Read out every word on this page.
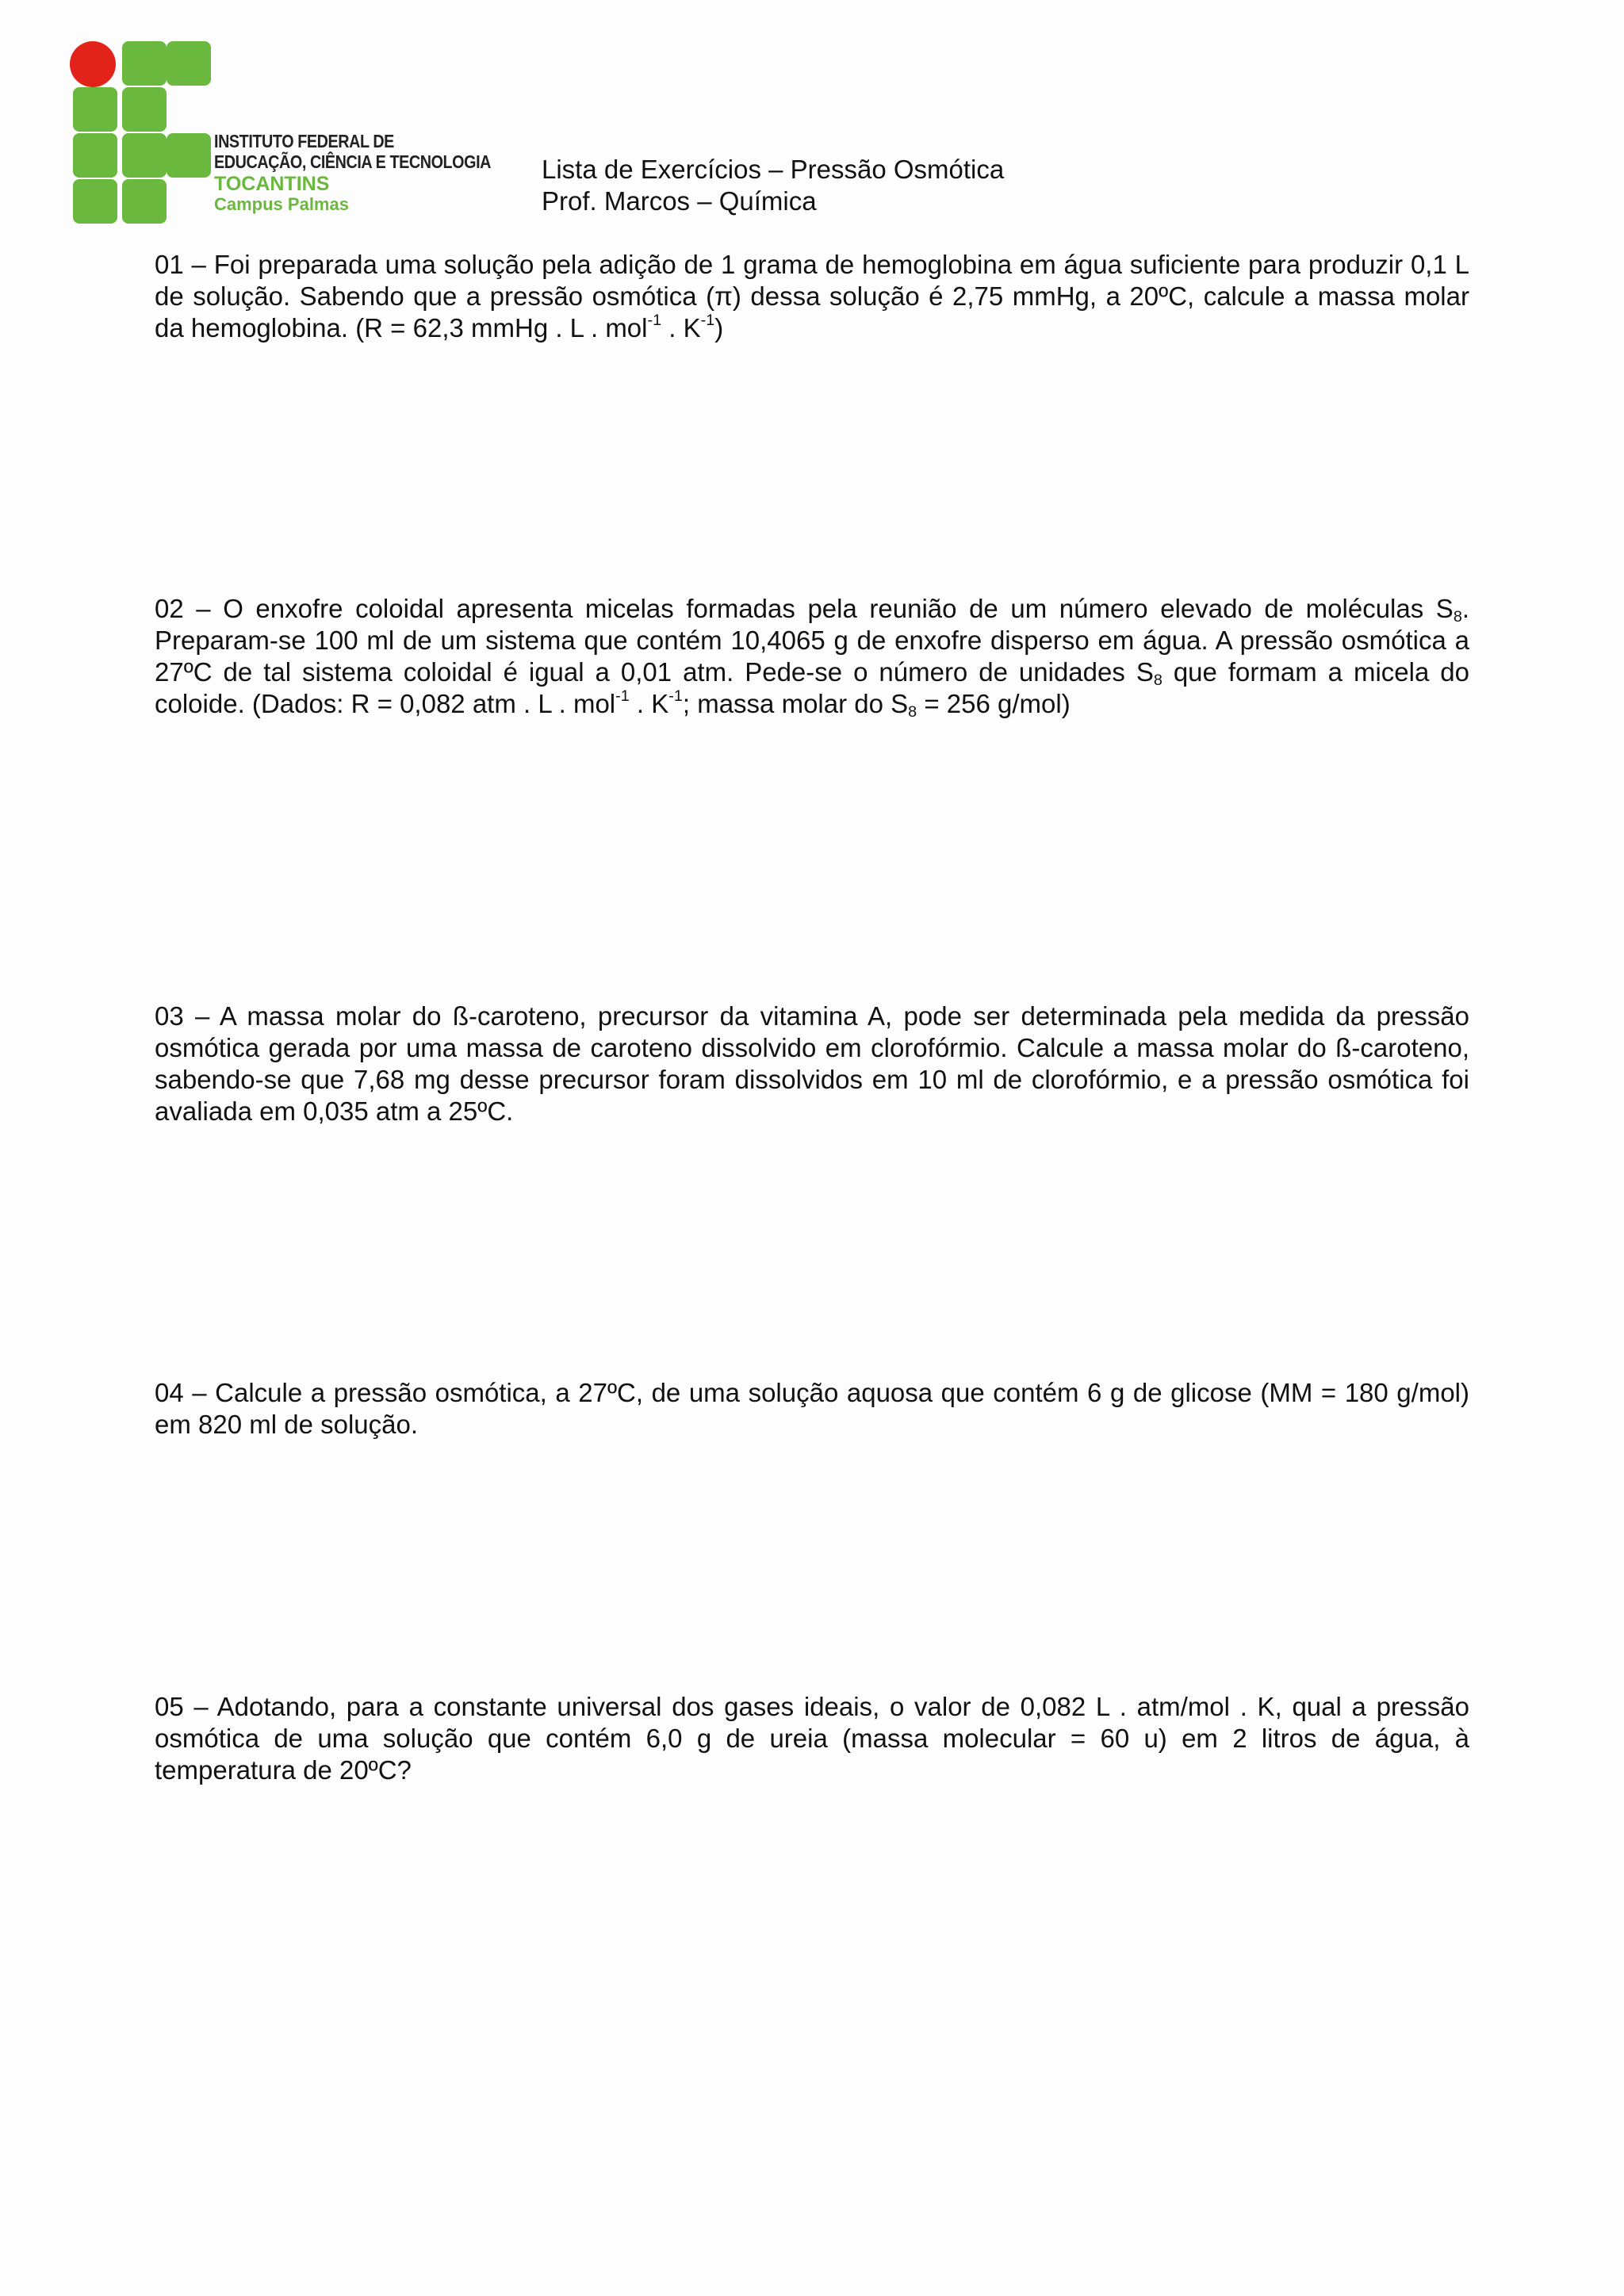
INSTITUTO FEDERAL DE
EDUCAÇÃO, CIÊNCIA E TECNOLOGIA
TOCANTINS
Campus Palmas
Lista de Exercícios – Pressão Osmótica
Prof. Marcos – Química

01 – Foi preparada uma solução pela adição de 1 grama de hemoglobina em água suficiente para produzir 0,1 L de solução. Sabendo que a pressão osmótica (π) dessa solução é 2,75 mmHg, a 20ºC, calcule a massa molar da hemoglobina. (R = 62,3 mmHg . L . mol$^{-1}$ . $K^{-1}$)

02 – O enxofre coloidal apresenta micelas formadas pela reunião de um número elevado de moléculas $S_8$. Preparam-se 100 ml de um sistema que contém 10,4065 g de enxofre disperso em água. A pressão osmótica a 27ºC de tal sistema coloidal é igual a 0,01 atm. Pede-se o número de unidades $S_8$ que formam a micela do coloide. (Dados: R = 0,082 atm . L . mol$^{-1}$ . $K^{-1}$; massa molar do $S_8 = 256$ g/mol)

03 – A massa molar do ß-caroteno, precursor da vitamina A, pode ser determinada pela medida da pressão osmótica gerada por uma massa de caroteno dissolvido em clorofórmio. Calcule a massa molar do ß-caroteno, sabendo-se que 7,68 mg desse precursor foram dissolvidos em 10 ml de clorofórmio, e a pressão osmótica foi avaliada em 0,035 atm a 25ºC.

04 – Calcule a pressão osmótica, a 27ºC, de uma solução aquosa que contém 6 g de glicose (MM = 180 g/mol) em 820 ml de solução.

05 – Adotando, para a constante universal dos gases ideais, o valor de 0,082 L . atm/mol . K, qual a pressão osmótica de uma solução que contém 6,0 g de ureia (massa molecular = 60 u) em 2 litros de água, à temperatura de 20ºC?
